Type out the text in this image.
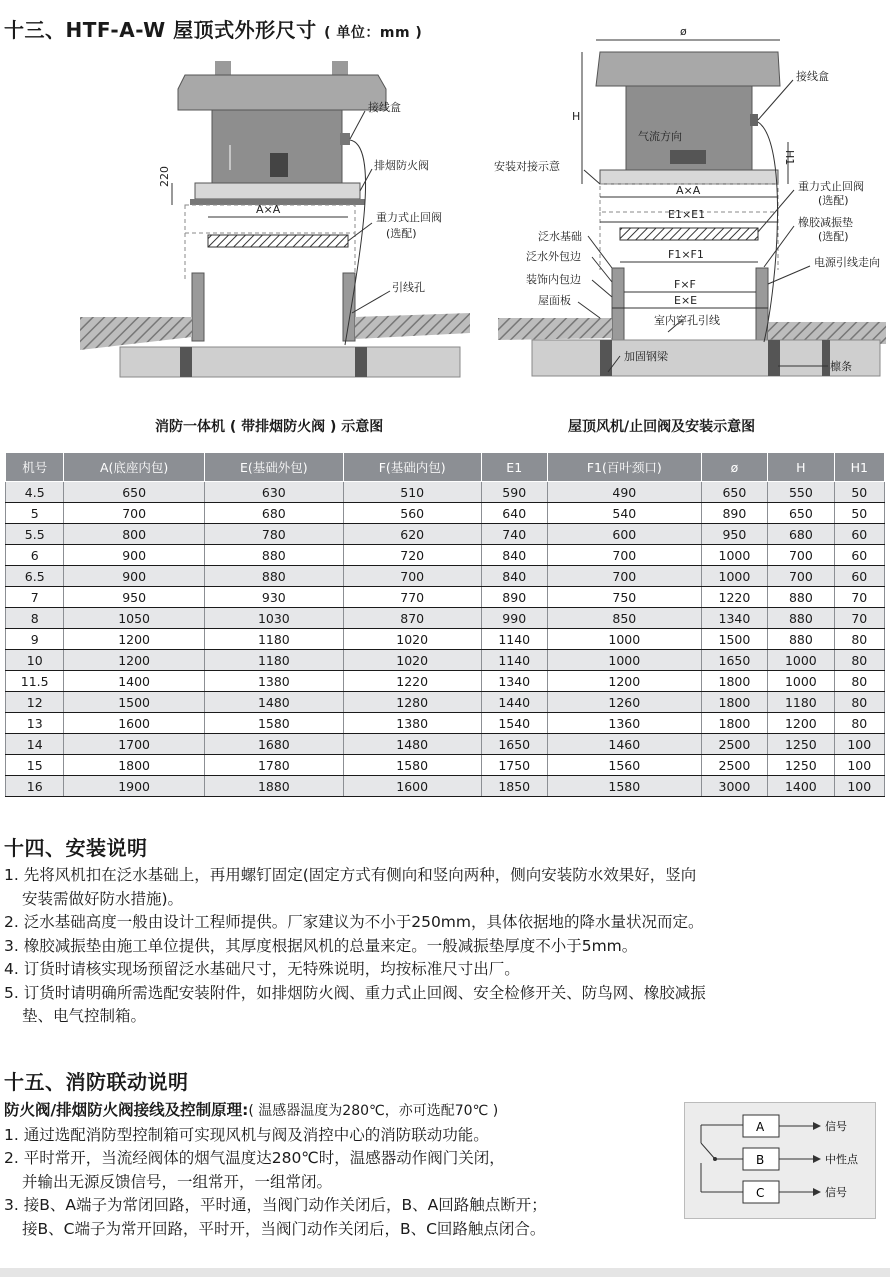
十三、HTF-A-W 屋顶式外形尺寸 ( 单位：mm )
220
A×A
接线盒
排烟防火阀
重力式止回阀
(选配)
引线孔
消防一体机 ( 带排烟防火阀 ) 示意图
ø
H
H1
A×A
E1×E1
F1×F1
F×F
E×E
气流方向
接线盒
重力式止回阀
(选配)
橡胶减振垫
(选配)
电源引线走向
室内穿孔引线
檩条
安装对接示意
泛水基础
泛水外包边
装饰内包边
屋面板
加固钢梁
屋顶风机/止回阀及安装示意图
机号	A(底座内包)	E(基础外包)	F(基础内包)	E1	F1(百叶颈口)	ø	H	H1
4.5	650	630	510	590	490	650	550	50
5	700	680	560	640	540	890	650	50
5.5	800	780	620	740	600	950	680	60
6	900	880	720	840	700	1000	700	60
6.5	900	880	700	840	700	1000	700	60
7	950	930	770	890	750	1220	880	70
8	1050	1030	870	990	850	1340	880	70
9	1200	1180	1020	1140	1000	1500	880	80
10	1200	1180	1020	1140	1000	1650	1000	80
11.5	1400	1380	1220	1340	1200	1800	1000	80
12	1500	1480	1280	1440	1260	1800	1180	80
13	1600	1580	1380	1540	1360	1800	1200	80
14	1700	1680	1480	1650	1460	2500	1250	100
15	1800	1780	1580	1750	1560	2500	1250	100
16	1900	1880	1600	1850	1580	3000	1400	100
十四、安装说明
1. 先将风机扣在泛水基础上，再用螺钉固定(固定方式有侧向和竖向两种，侧向安装防水效果好，竖向
安装需做好防水措施)。
2. 泛水基础高度一般由设计工程师提供。厂家建议为不小于250mm，具体依据地的降水量状况而定。
3. 橡胶减振垫由施工单位提供，其厚度根据风机的总量来定。一般减振垫厚度不小于5mm。
4. 订货时请核实现场预留泛水基础尺寸，无特殊说明，均按标准尺寸出厂。
5. 订货时请明确所需选配安装附件，如排烟防火阀、重力式止回阀、安全检修开关、防鸟网、橡胶减振
垫、电气控制箱。
十五、消防联动说明
防火阀/排烟防火阀接线及控制原理:( 温感器温度为280℃，亦可选配70℃ )
1. 通过选配消防型控制箱可实现风机与阀及消控中心的消防联动功能。
2. 平时常开，当流经阀体的烟气温度达280℃时，温感器动作阀门关闭，
并输出无源反馈信号，一组常开，一组常闭。
3. 接B、A端子为常闭回路，平时通，当阀门动作关闭后，B、A回路触点断开；
接B、C端子为常开回路，平时开，当阀门动作关闭后，B、C回路触点闭合。
A
B
C
信号
中性点
信号
